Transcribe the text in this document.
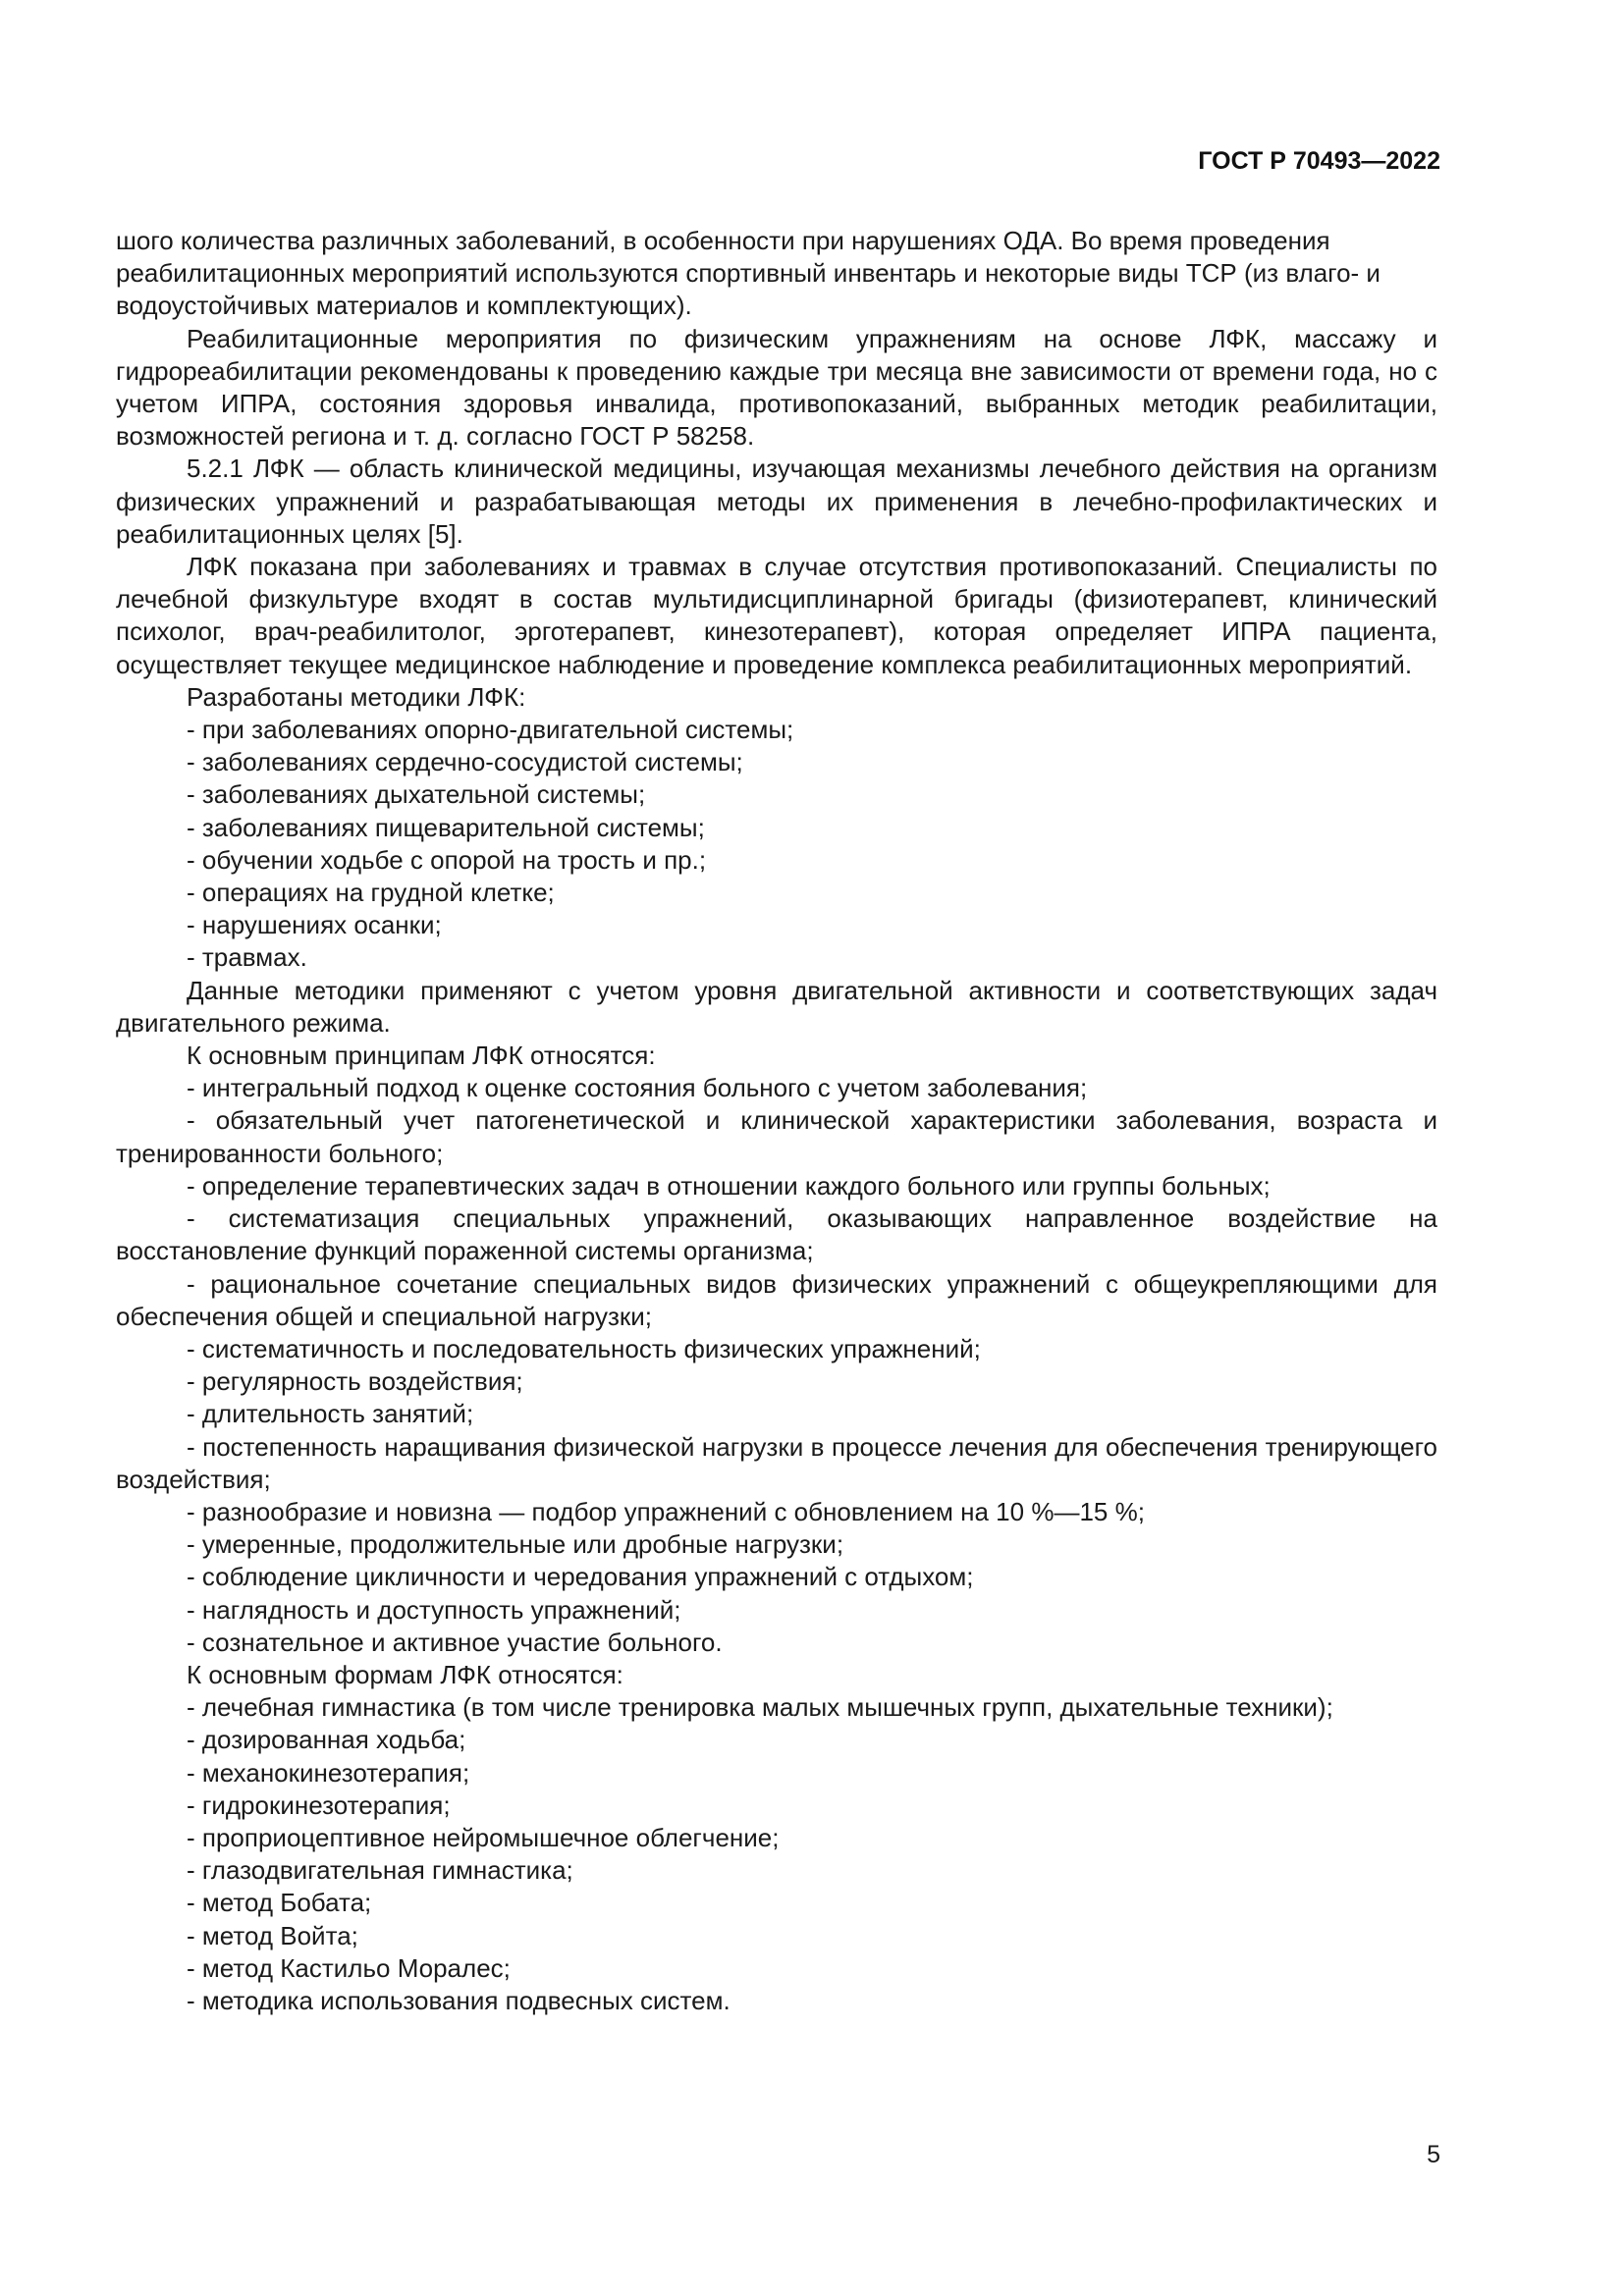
ГОСТ Р 70493—2022

шого количества различных заболеваний, в особенности при нарушениях ОДА. Во время проведения реабилитационных мероприятий используются спортивный инвентарь и некоторые виды ТСР (из влаго- и водоустойчивых материалов и комплектующих).

Реабилитационные мероприятия по физическим упражнениям на основе ЛФК, массажу и гидрореабилитации рекомендованы к проведению каждые три месяца вне зависимости от времени года, но с учетом ИПРА, состояния здоровья инвалида, противопоказаний, выбранных методик реабилитации, возможностей региона и т. д. согласно ГОСТ Р 58258.

5.2.1 ЛФК — область клинической медицины, изучающая механизмы лечебного действия на организм физических упражнений и разрабатывающая методы их применения в лечебно-профилактических и реабилитационных целях [5].

ЛФК показана при заболеваниях и травмах в случае отсутствия противопоказаний. Специалисты по лечебной физкультуре входят в состав мультидисциплинарной бригады (физиотерапевт, клинический психолог, врач-реабилитолог, эрготерапевт, кинезотерапевт), которая определяет ИПРА пациента, осуществляет текущее медицинское наблюдение и проведение комплекса реабилитационных мероприятий.

Разработаны методики ЛФК:

- при заболеваниях опорно-двигательной системы;

- заболеваниях сердечно-сосудистой системы;

- заболеваниях дыхательной системы;

- заболеваниях пищеварительной системы;

- обучении ходьбе с опорой на трость и пр.;

- операциях на грудной клетке;

- нарушениях осанки;

- травмах.

Данные методики применяют с учетом уровня двигательной активности и соответствующих задач двигательного режима.

К основным принципам ЛФК относятся:

- интегральный подход к оценке состояния больного с учетом заболевания;

- обязательный учет патогенетической и клинической характеристики заболевания, возраста и тренированности больного;

- определение терапевтических задач в отношении каждого больного или группы больных;

- систематизация специальных упражнений, оказывающих направленное воздействие на восстановление функций пораженной системы организма;

- рациональное сочетание специальных видов физических упражнений с общеукрепляющими для обеспечения общей и специальной нагрузки;

- систематичность и последовательность физических упражнений;

- регулярность воздействия;

- длительность занятий;

- постепенность наращивания физической нагрузки в процессе лечения для обеспечения тренирующего воздействия;

- разнообразие и новизна — подбор упражнений с обновлением на 10 %—15 %;

- умеренные, продолжительные или дробные нагрузки;

- соблюдение цикличности и чередования упражнений с отдыхом;

- наглядность и доступность упражнений;

- сознательное и активное участие больного.

К основным формам ЛФК относятся:

- лечебная гимнастика (в том числе тренировка малых мышечных групп, дыхательные техники);

- дозированная ходьба;

- механокинезотерапия;

- гидрокинезотерапия;

- проприоцептивное нейромышечное облегчение;

- глазодвигательная гимнастика;

- метод Бобата;

- метод Войта;

- метод Кастильо Моралес;

- методика использования подвесных систем.

5
